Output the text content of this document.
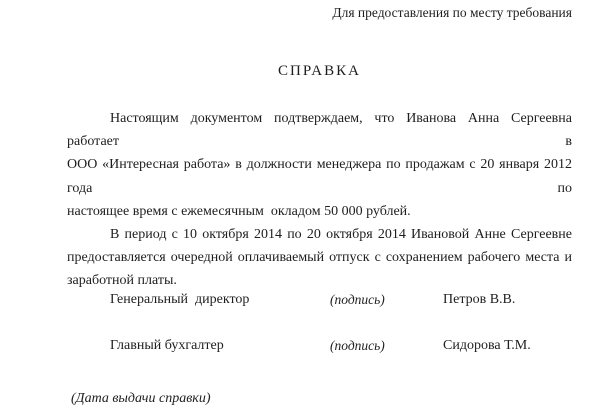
Для предоставления по месту требования
СПРАВКА
Настоящим документом подтверждаем, что Иванова Анна Сергеевна работает в
ООО «Интересная работа» в должности менеджера по продажам с 20 января 2012 года по
настоящее время с ежемесячным  окладом 50 000 рублей.
В период с 10 октября 2014 по 20 октября 2014 Ивановой Анне Сергеевне
предоставляется очередной оплачиваемый отпуск с сохранением рабочего места и
заработной платы.
Генеральный  директор	(подпись)	Петров В.В.
Главный бухгалтер	(подпись)	Сидорова Т.М.
(Дата выдачи справки)
